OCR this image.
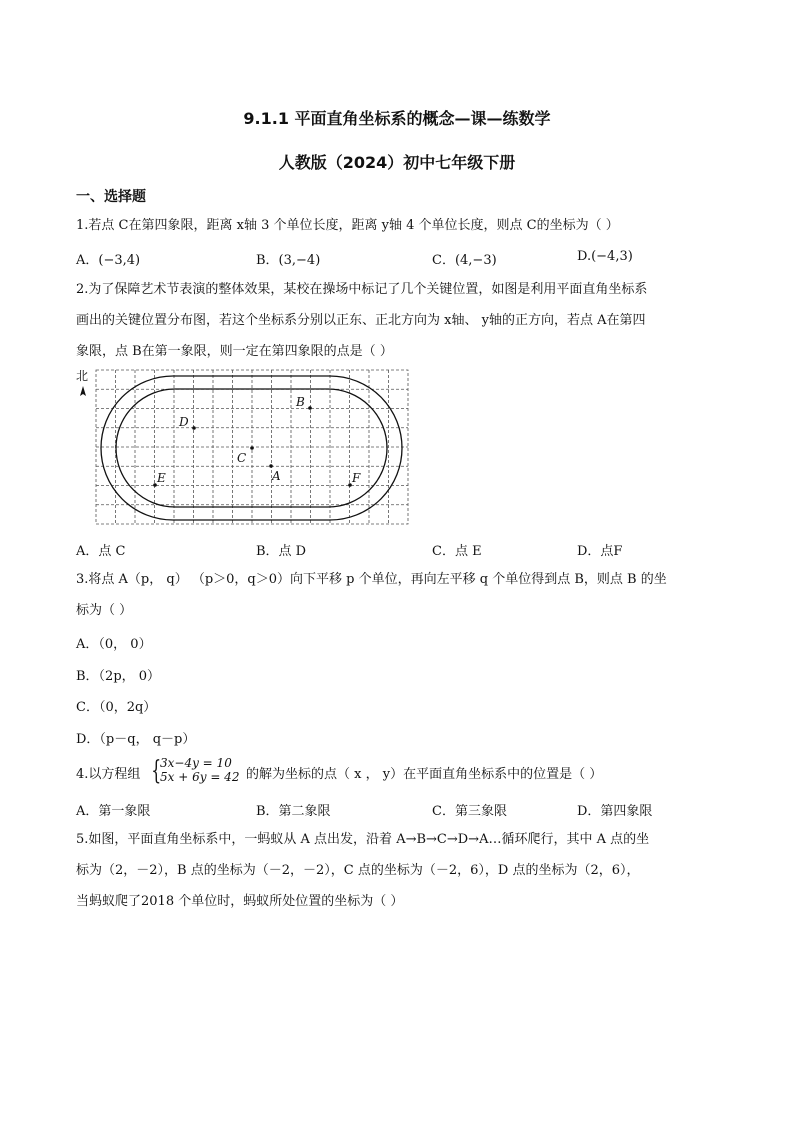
9.1.1 平面直角坐标系的概念—课—练数学
人教版（2024）初中七年级下册
一、选择题
1.若点 C在第四象限，距离 x轴 3 个单位长度，距离 y轴 4 个单位长度，则点 C的坐标为（ ）
A．(−3,4)	B．(3,−4)	C．(4,−3)	D.(−4,3)
2.为了保障艺术节表演的整体效果，某校在操场中标记了几个关键位置，如图是利用平面直角坐标系
画出的关键位置分布图，若这个坐标系分别以正东、正北方向为 x轴、 y轴的正方向，若点 A在第四
象限，点 B在第一象限，则一定在第四象限的点是（ ）
北
B
D
C
A
E	F
A．点 C	B．点 D	C．点 E	D．点F
3.将点 A（p， q） （p＞0，q＞0）向下平移 p 个单位，再向左平移 q 个单位得到点 B，则点 B 的坐
标为（ ）
A．（0， 0）
B．（2p， 0）
C．（0，2q）
D．（p－q， q－p）
4.以方程组 {
3x−4y = 10
5x + 6y = 42 的解为坐标的点（ x ， y）在平面直角坐标系中的位置是（ ）
A．第一象限	B．第二象限	C．第三象限	D．第四象限
5.如图，平面直角坐标系中，一蚂蚁从 A 点出发，沿着 A→B→C→D→A…循环爬行，其中 A 点的坐
标为（2，－2），B 点的坐标为（－2，－2），C 点的坐标为（－2，6），D 点的坐标为（2，6），
当蚂蚁爬了2018 个单位时，蚂蚁所处位置的坐标为（ ）
